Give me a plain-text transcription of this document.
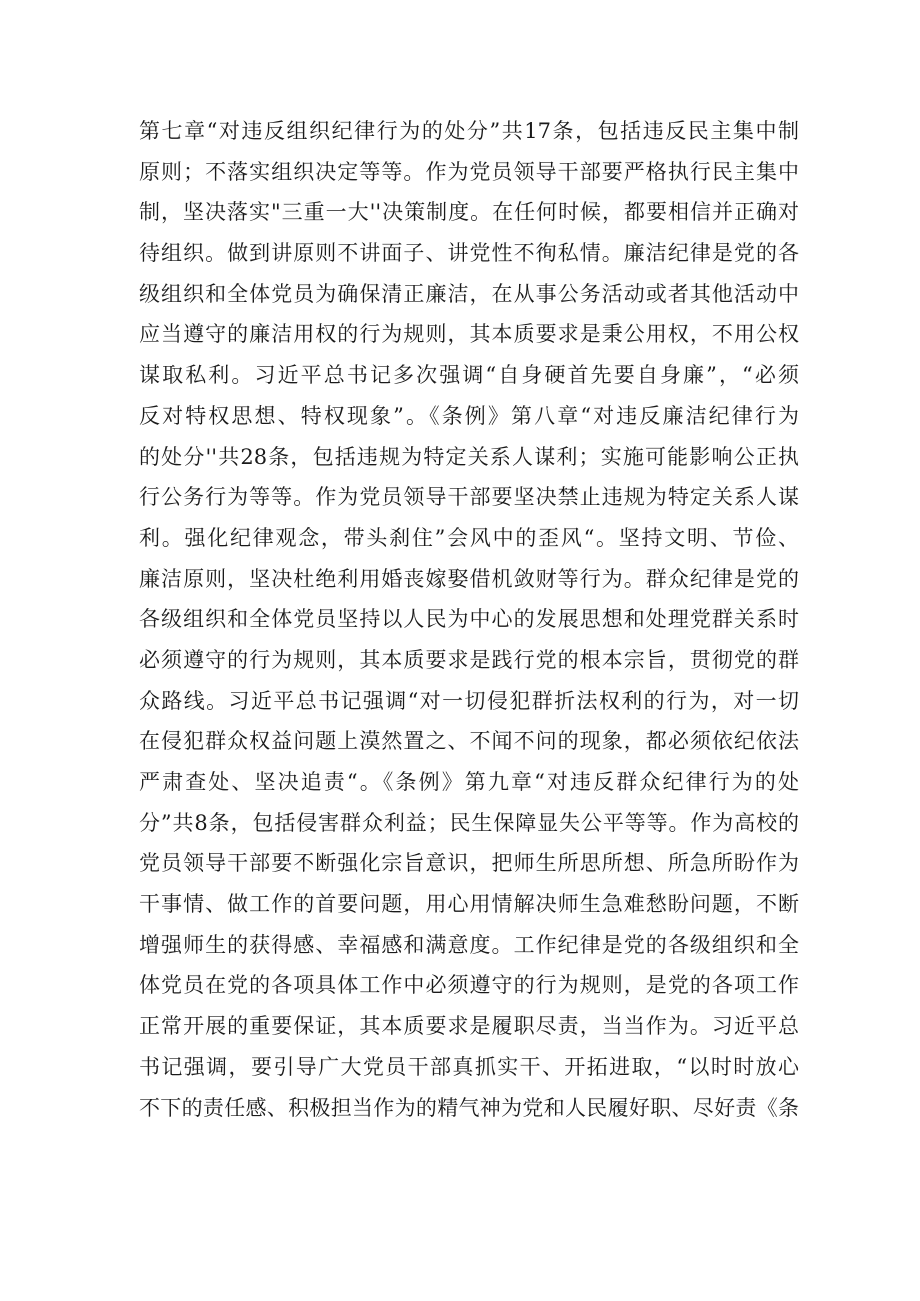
第七章“对违反组织纪律行为的处分”共17条，包括违反民主集中制
原则；不落实组织决定等等。作为党员领导干部要严格执行民主集中
制，坚决落实"三重一大''决策制度。在任何时候，都要相信并正确对
待组织。做到讲原则不讲面子、讲党性不徇私情。廉洁纪律是党的各
级组织和全体党员为确保清正廉洁，在从事公务活动或者其他活动中
应当遵守的廉洁用权的行为规则，其本质要求是秉公用权，不用公权
谋取私利。习近平总书记多次强调“自身硬首先要自身廉”，“必须
反对特权思想、特权现象”。《条例》第八章“对违反廉洁纪律行为
的处分''共28条，包括违规为特定关系人谋利；实施可能影响公正执
行公务行为等等。作为党员领导干部要坚决禁止违规为特定关系人谋
利。强化纪律观念，带头刹住”会风中的歪风“。坚持文明、节俭、
廉洁原则，坚决杜绝利用婚丧嫁娶借机敛财等行为。群众纪律是党的
各级组织和全体党员坚持以人民为中心的发展思想和处理党群关系时
必须遵守的行为规则，其本质要求是践行党的根本宗旨，贯彻党的群
众路线。习近平总书记强调“对一切侵犯群折法权利的行为，对一切
在侵犯群众权益问题上漠然置之、不闻不问的现象，都必须依纪依法
严肃查处、坚决追责“。《条例》第九章“对违反群众纪律行为的处
分”共8条，包括侵害群众利益；民生保障显失公平等等。作为高校的
党员领导干部要不断强化宗旨意识，把师生所思所想、所急所盼作为
干事情、做工作的首要问题，用心用情解决师生急难愁盼问题，不断
增强师生的获得感、幸福感和满意度。工作纪律是党的各级组织和全
体党员在党的各项具体工作中必须遵守的行为规则，是党的各项工作
正常开展的重要保证，其本质要求是履职尽责，当当作为。习近平总
书记强调，要引导广大党员干部真抓实干、开拓进取，“以时时放心
不下的责任感、积极担当作为的精气神为党和人民履好职、尽好责《条
